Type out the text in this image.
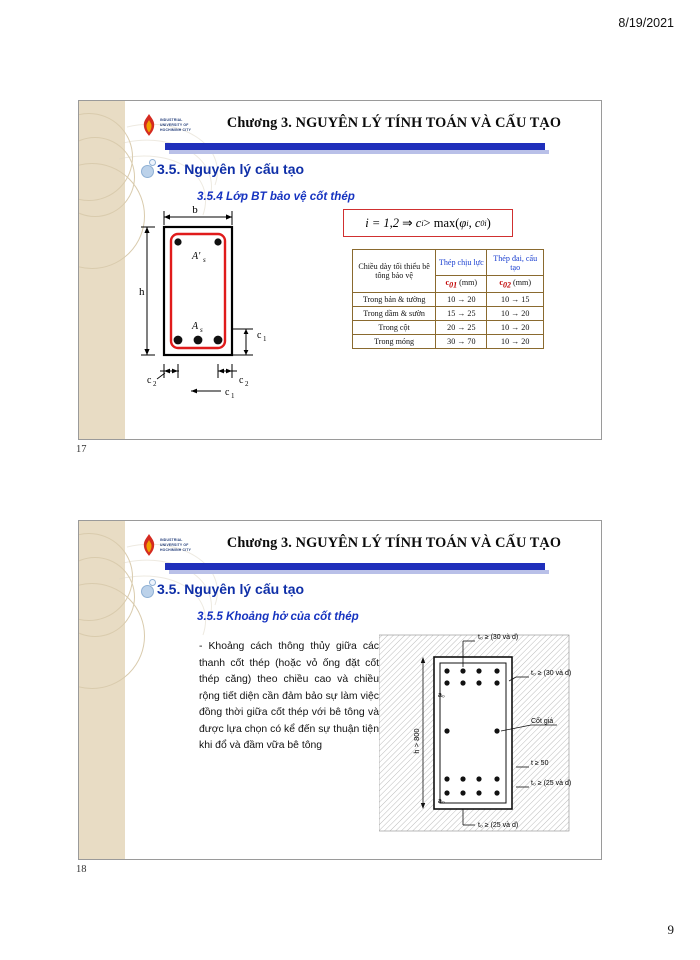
8/19/2021
9
INDUSTRIAL
UNIVERSITY OF
HOCHIMINH CITY	Chương 3. NGUYÊN LÝ TÍNH TOÁN VÀ CẤU TẠO
3.5. Nguyên lý cấu tạo
3.5.4 Lớp BT bảo vệ cốt thép
b
A' s
A s
h
c 1
c 2	c 2
c 1
i = 1,2
⇒
c i > max( φ i , c 0i )
Chiều dày tối thiểu bê tông bảo vệ	Thép chịu lực	Thép đai, cấu tạo
	c01 (mm)	c02 (mm)
Trong bản & tường	10 → 20	10 → 15
Trong dầm & sườn	15 → 25	10 → 20
Trong cột	20 → 25	10 → 20
Trong móng	30 → 70	10 → 20
17
INDUSTRIAL
UNIVERSITY OF
HOCHIMINH CITY	Chương 3. NGUYÊN LÝ TÍNH TOÁN VÀ CẤU TẠO
3.5. Nguyên lý cấu tạo
3.5.5 Khoảng hở của cốt thép
- Khoảng cách thông thủy giữa các thanh cốt thép (hoặc vỏ ống đặt cốt thép căng) theo chiều cao và chiều rộng tiết diện cần đảm bảo sự làm việc đồng thời giữa cốt thép với bê tông và được lựa chọn có kể đến sự thuận tiện khi đổ và đầm vữa bê tông
t₀ ≥ (30 và d)
t₀ ≥ (30 và d)
Cốt giá
t ≥ 50
t₀ ≥ (25 và d)
t₀ ≥ (25 và d)
h > 800
a₀
a₀
18
